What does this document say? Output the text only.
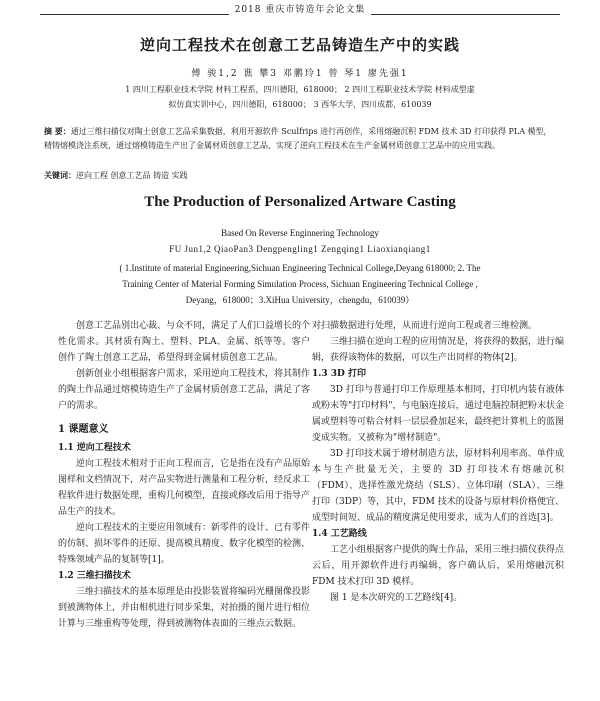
2018 重庆市铸造年会论文集
逆向工程技术在创意工艺品铸造生产中的实践
傅 骏1,2 谯 攀3 邓鹏玲1 曾 琴1 廖先强1
1 四川工程职业技术学院 材料工程系，四川德阳，618000； 2 四川工程职业技术学院 材料成型虚
拟仿真实训中心，四川德阳，618000； 3 西华大学，四川成都，610039
摘 要：通过三维扫描仪对陶土创意工艺品采集数据，利用开源软件 Sculfrips 进行再创作，采用熔融沉积 FDM 技术 3D 打印获得 PLA 模型，精铸熔模浇注系统，通过熔模铸造生产出了金属材质创意工艺品，实现了逆向工程技术在生产金属材质创意工艺品中的应用实践。
关键词：逆向工程 创意工艺品 铸造 实践
The Production of Personalized Artware Casting
Based On Reverse Enginnering Technology
FU Jun1,2 QiaoPan3 Dengpengling1 Zengqing1 Liaoxianqiang1
( 1.Institute of material Engineering,Sichuan Engineering Technical College,Deyang 618000; 2. The
Training Center of Material Forming Simulation Process, Sichuan Engineering Technical College ,
Deyang，618000；3.XiHua University，chengdu，610039）

创意工艺品别出心裁、与众不同，满足了人们口益增长的个性化需求。其材质有陶土、塑料、PLA、金属、纸等等。客户创作了陶土创意工艺品，希望得到金属材质创意工艺品。

创新创业小组根据客户需求，采用逆向工程技术，将其制作的陶土作品通过熔模铸造生产了金属材质创意工艺品，满足了客户的需求。

1 课题意义
1.1 逆向工程技术

逆向工程技术相对于正向工程而言，它是指在没有产品原始图样和文档情况下，对产品实物进行测量和工程分析，经反求工程软件进行数据处理，重构几何模型，直接或修改后用于指导产品生产的技术。

逆向工程技术的主要应用领域有：新零件的设计、已有零件的仿制、损坏零件的还原、提高模具精度、数字化模型的检测、特殊领域产品的复制等[1]。

1.2 三维扫描技术

三维扫描技术的基本原理是由投影装置将编码光栅图像投影到被测物体上，并由相机进行同步采集，对拍摄的图片进行相位计算与三维重构等处理，得到被测物体表面的三维点云数据。

对扫描数据进行处理，从而进行逆向工程或者三维检测。

三维扫描在逆向工程的应用情况是，将获得的数据，进行编辑，获得该物体的数据，可以生产出同样的物体[2]。

1.3 3D 打印

3D 打印与普通打印工作原理基本相同，打印机内装有液体或粉末等"打印材料"，与电脑连接后，通过电脑控制把粉末状金属或塑料等可粘合材料一层层叠加起来，最终把计算机上的蓝图变成实物。又被称为"增材制造"。

3D 打印技术属于增材制造方法，原材料利用率高、单件成本与生产批量无关，主要的 3D 打印技术有熔融沉积（FDM）、选择性激光烧结（SLS）、立体印刷（SLA）、三维打印（3DP）等，其中，FDM 技术的设备与原材料价格便宜、成型时间短、成品的精度满足使用要求，成为人们的首选[3]。

1.4 工艺路线

工艺小组根据客户提供的陶土作品，采用三维扫描仪获得点云后，用开源软件进行再编辑，客户确认后，采用熔融沉积 FDM 技术打印 3D 模样。

图 1 是本次研究的工艺路线[4]。
